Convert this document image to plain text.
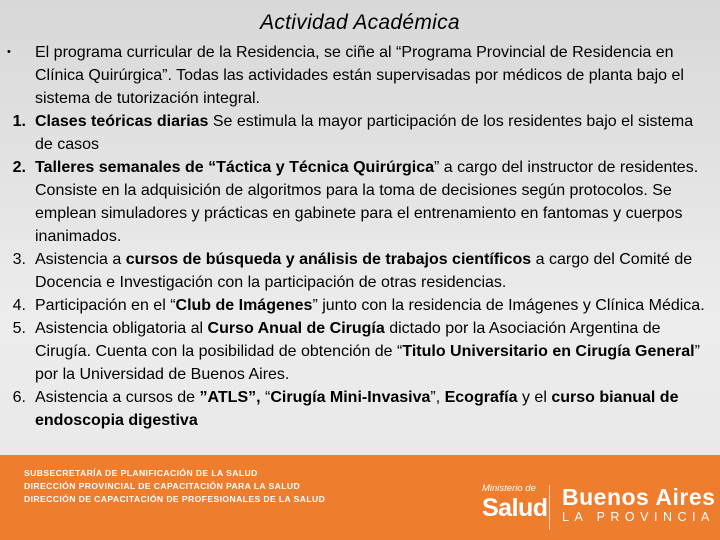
Actividad Académica
•	El programa curricular de la Residencia, se ciñe al “Programa Provincial de Residencia en Clínica Quirúrgica”. Todas las actividades están supervisadas por médicos de planta bajo el sistema de tutorización integral.
1. Clases teóricas diarias Se estimula la mayor participación de los residentes bajo el sistema de casos
2. Talleres semanales de “Táctica y Técnica Quirúrgica” a cargo del instructor de residentes. Consiste en la adquisición de algoritmos para la toma de decisiones según protocolos. Se emplean simuladores y prácticas en gabinete para el entrenamiento en fantomas y cuerpos inanimados.
3. Asistencia a cursos de búsqueda y análisis de trabajos científicos a cargo del Comité de Docencia e Investigación con la participación de otras residencias.
4. Participación en el “Club de Imágenes” junto con la residencia de Imágenes y Clínica Médica.
5. Asistencia obligatoria al Curso Anual de Cirugía dictado por la Asociación Argentina de Cirugía. Cuenta con la posibilidad de obtención de “Titulo Universitario en Cirugía General” por la Universidad de Buenos Aires.
6. Asistencia a cursos de ”ATLS”, “Cirugía Mini-Invasiva”, Ecografía y el curso bianual de endoscopia digestiva
SUBSECRETARÍA DE PLANIFICACIÓN DE LA SALUD
DIRECCIÓN PROVINCIAL DE CAPACITACIÓN PARA LA SALUD
DIRECCIÓN DE CAPACITACIÓN DE PROFESIONALES DE LA SALUD
Ministerio de
Salud Buenos Aires
LA PROVINCIA
